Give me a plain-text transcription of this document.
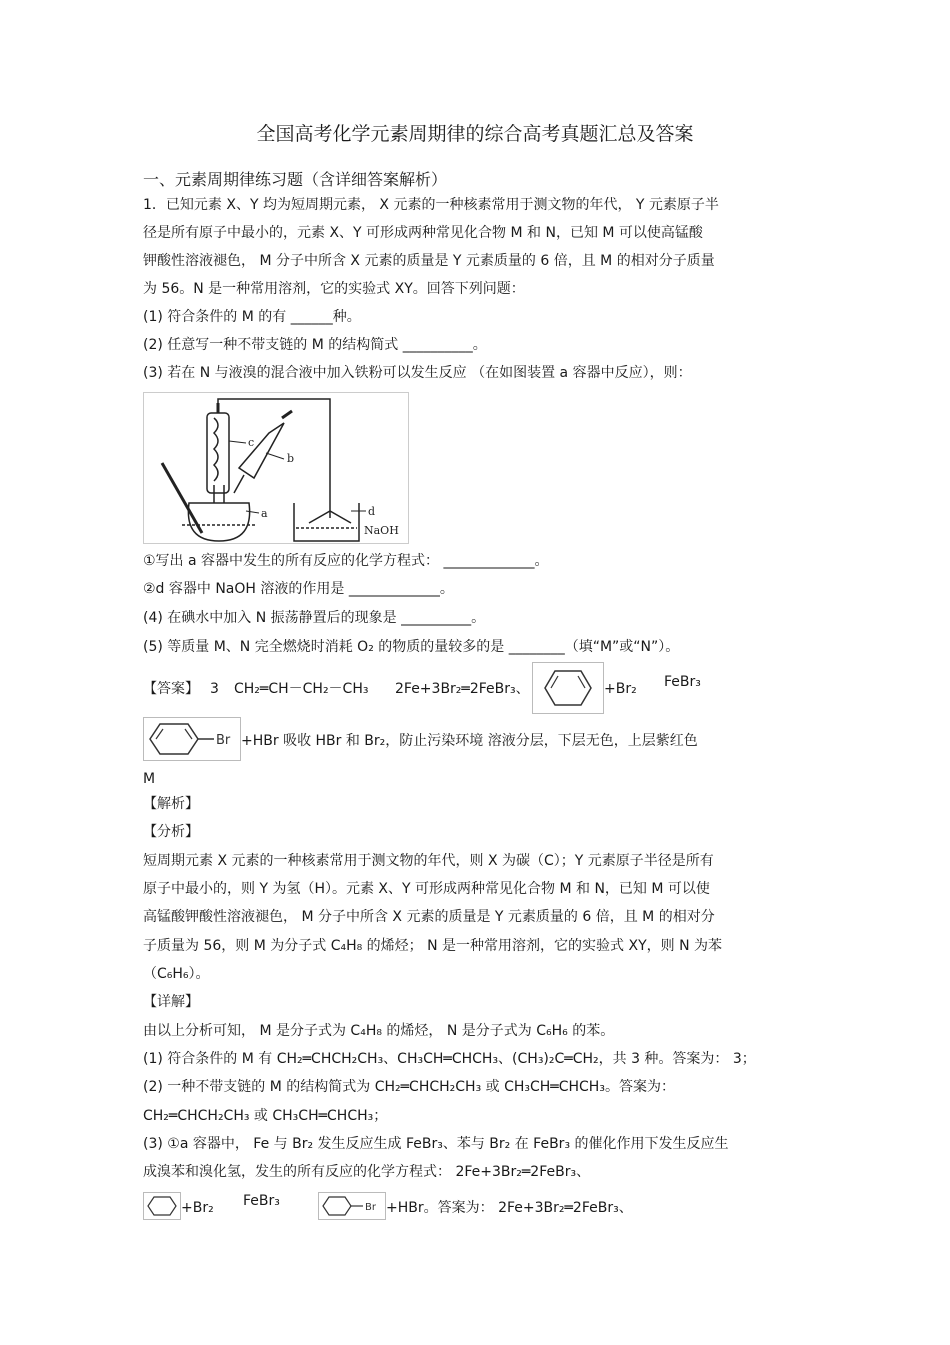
全国高考化学元素周期律的综合高考真题汇总及答案
一、元素周期律练习题（含详细答案解析）
1．已知元素 X、Y 均为短周期元素， X 元素的一种核素常用于测文物的年代， Y 元素原子半
径是所有原子中最小的，元素 X、Y 可形成两种常见化合物 M 和 N，已知 M 可以使高锰酸
钾酸性溶液褪色， M 分子中所含 X 元素的质量是 Y 元素质量的 6 倍，且 M 的相对分子质量
为 56。N 是一种常用溶剂，它的实验式 XY。回答下列问题：
(1) 符合条件的 M 的有 ______种。
(2) 任意写一种不带支链的 M 的结构简式 __________。
(3) 若在 N 与液溴的混合液中加入铁粉可以发生反应 （在如图装置 a 容器中反应），则：
c
b
a	d
NaOH
①写出 a 容器中发生的所有反应的化学方程式： _____________。
②d 容器中 NaOH 溶液的作用是 _____________。
(4) 在碘水中加入 N 振荡静置后的现象是 __________。
(5) 等质量 M、N 完全燃烧时消耗 O₂ 的物质的量较多的是 ________（填“M”或“N”）。
【答案】 3 CH₂═CH－CH₂－CH₃ 2Fe+3Br₂═2FeBr₃、	+Br₂ FeBr₃
Br +HBr 吸收 HBr 和 Br₂，防止污染环境 溶液分层，下层无色，上层紫红色
M
【解析】
【分析】
短周期元素 X 元素的一种核素常用于测文物的年代，则 X 为碳（C）；Y 元素原子半径是所有
原子中最小的，则 Y 为氢（H）。元素 X、Y 可形成两种常见化合物 M 和 N，已知 M 可以使
高锰酸钾酸性溶液褪色， M 分子中所含 X 元素的质量是 Y 元素质量的 6 倍，且 M 的相对分
子质量为 56，则 M 为分子式 C₄H₈ 的烯烃； N 是一种常用溶剂，它的实验式 XY，则 N 为苯
（C₆H₆）。
【详解】
由以上分析可知， M 是分子式为 C₄H₈ 的烯烃， N 是分子式为 C₆H₆ 的苯。
(1) 符合条件的 M 有 CH₂═CHCH₂CH₃、CH₃CH═CHCH₃、(CH₃)₂C═CH₂，共 3 种。答案为： 3；
(2) 一种不带支链的 M 的结构简式为 CH₂═CHCH₂CH₃ 或 CH₃CH═CHCH₃。答案为：
CH₂═CHCH₂CH₃ 或 CH₃CH═CHCH₃；
(3) ①a 容器中， Fe 与 Br₂ 发生反应生成 FeBr₃、苯与 Br₂ 在 FeBr₃ 的催化作用下发生反应生
成溴苯和溴化氢，发生的所有反应的化学方程式： 2Fe+3Br₂═2FeBr₃、
+Br₂ FeBr₃	Br +HBr。答案为： 2Fe+3Br₂═2FeBr₃、
